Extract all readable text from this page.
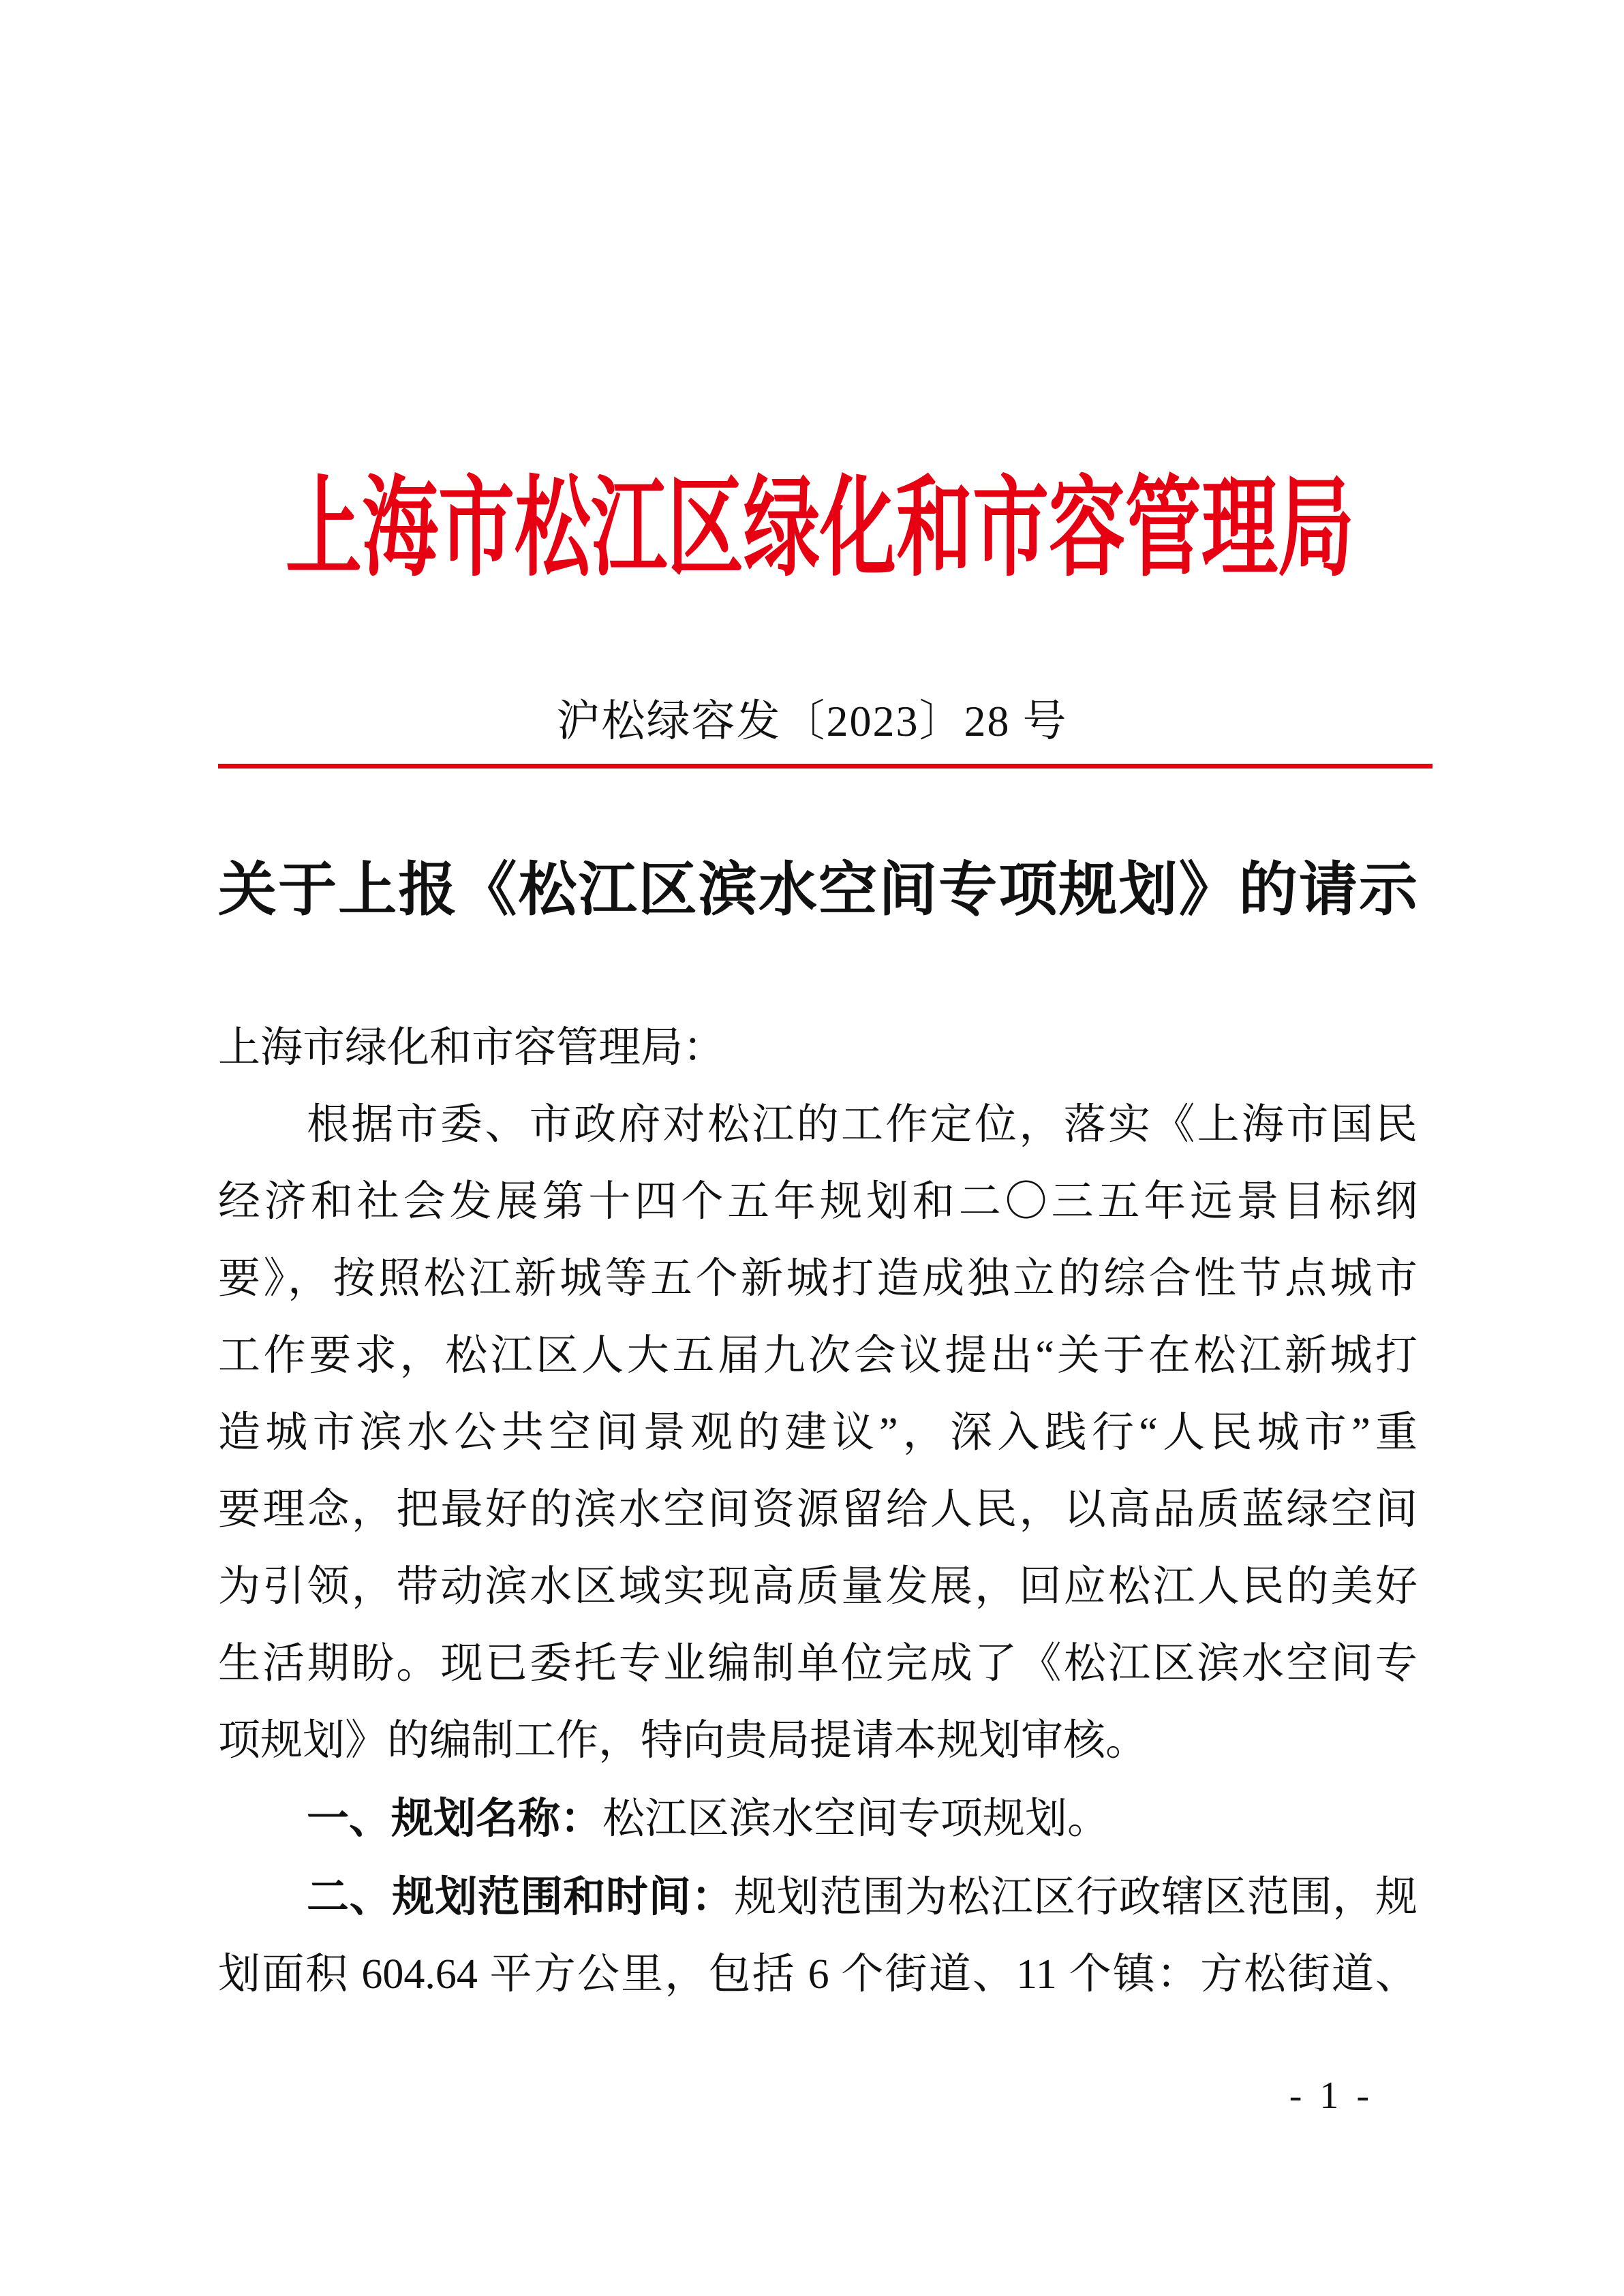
上海市松江区绿化和市容管理局
沪松绿容发〔2023〕28 号
关于上报《松江区滨水空间专项规划》的请示
上海市绿化和市容管理局：
根据市委、市政府对松江的工作定位，落实《上海市国民
经济和社会发展第十四个五年规划和二〇三五年远景目标纲
要》，按照松江新城等五个新城打造成独立的综合性节点城市
工作要求，松江区人大五届九次会议提出“关于在松江新城打
造城市滨水公共空间景观的建议”，深入践行“人民城市”重
要理念，把最好的滨水空间资源留给人民，以高品质蓝绿空间
为引领，带动滨水区域实现高质量发展，回应松江人民的美好
生活期盼。现已委托专业编制单位完成了《松江区滨水空间专
项规划》的编制工作，特向贵局提请本规划审核。
一、规划名称：松江区滨水空间专项规划。
二、规划范围和时间：规划范围为松江区行政辖区范围，规
划面积 604.64 平方公里，包括 6 个街道、11 个镇：方松街道、
- 1 -
